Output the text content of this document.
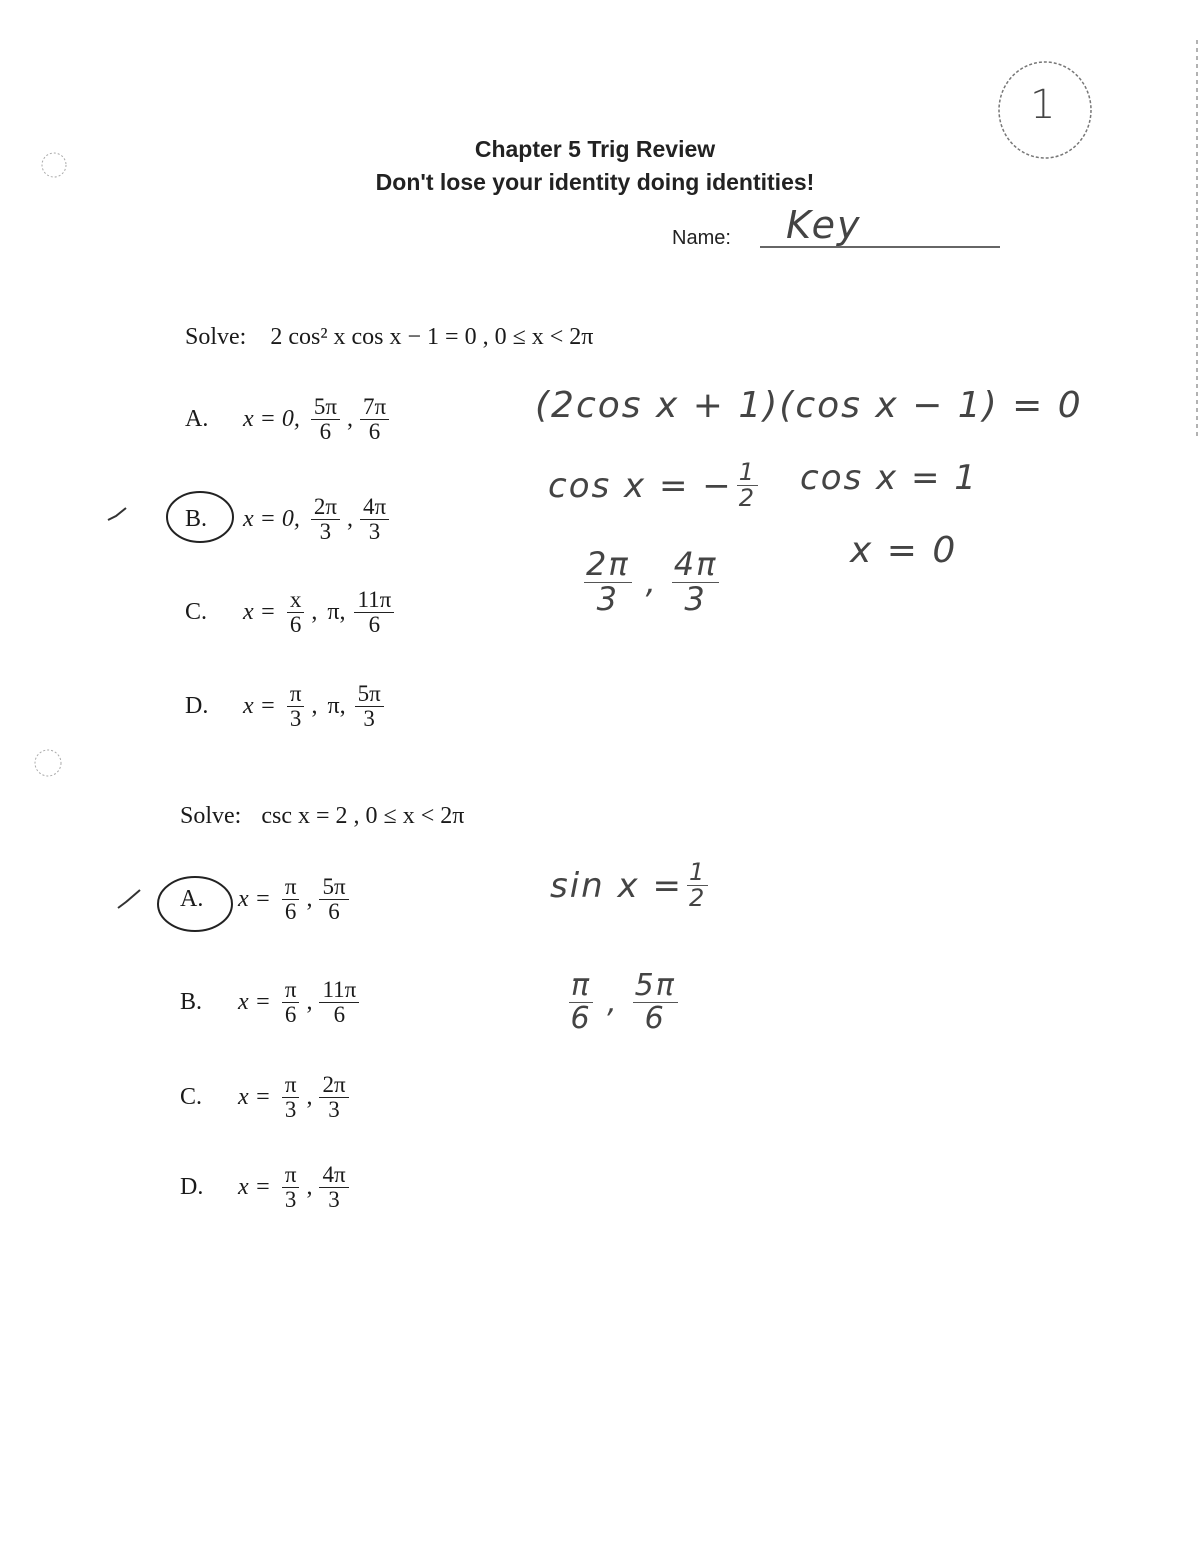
1
Chapter 5 Trig Review
Don't lose your identity doing identities!
Name: Key
Solve: 2 cos² x cos x − 1 = 0 , 0 ≤ x < 2π
A.	x = 0, $\frac{5\pi}{6}$ , $\frac{7\pi}{6}$
B.	x = 0, $\frac{2\pi}{3}$ , $\frac{4\pi}{3}$
C.	$x = \frac{x}{6}$ , π, $\frac{11\pi}{6}$
D.	$x = \frac{\pi}{3}$ , π, $\frac{5\pi}{3}$
(2cos x + 1)(cos x − 1) = 0
cos x = − $\frac{1}{2}$ cos x = 1
$\frac{2\pi}{3}$ , $\frac{4\pi}{3}$	x = 0
Solve: csc x = 2 , 0 ≤ x < 2π
A.	$x = \frac{\pi}{6}$ , $\frac{5\pi}{6}$
B.	$x = \frac{\pi}{6}$ , $\frac{11\pi}{6}$
C.	$x = \frac{\pi}{3}$ , $\frac{2\pi}{3}$
D.	$x = \frac{\pi}{3}$ , $\frac{4\pi}{3}$
$\sin x = \frac{1}{2}$
$\frac{\pi}{6}$ , $\frac{5\pi}{6}$
